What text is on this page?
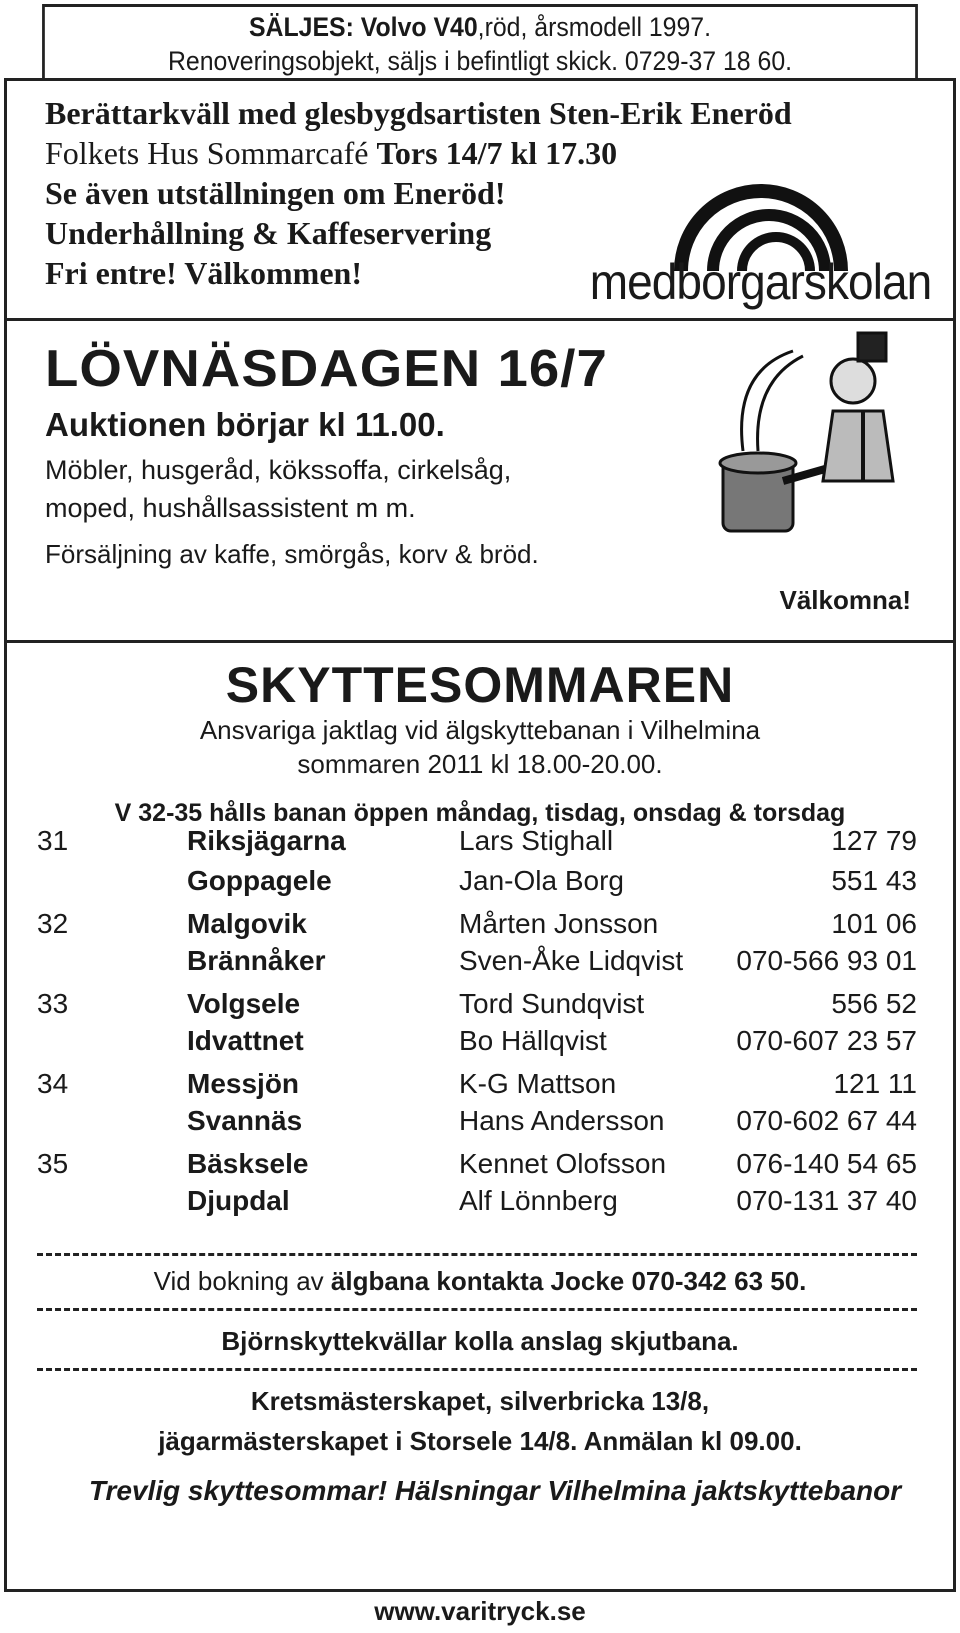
SÄLJES: Volvo V40,röd, årsmodell 1997.
Renoveringsobjekt, säljs i befintligt skick. 0729-37 18 60.
Berättarkväll med glesbygdsartisten Sten-Erik Eneröd
Folkets Hus Sommarcafé Tors 14/7 kl 17.30
Se även utställningen om Eneröd!
Underhållning & Kaffeservering
Fri entre! Välkommen!	medborgarskolan
LÖVNÄSDAGEN 16/7
Auktionen börjar kl 11.00.
Möbler, husgeråd, kökssoffa, cirkelsåg,
moped, hushållsassistent m m.
Försäljning av kaffe, smörgås, korv & bröd.
Välkomna!
SKYTTESOMMAREN
Ansvariga jaktlag vid älgskyttebanan i Vilhelmina
sommaren 2011 kl 18.00-20.00.
V 32-35 hålls banan öppen måndag, tisdag, onsdag & torsdag
31	Riksjägarna	Lars Stighall	127 79
	Goppagele	Jan-Ola Borg	551 43
32	Malgovik	Mårten Jonsson	101 06
	Brännåker	Sven-Åke Lidqvist	070-566 93 01
33	Volgsele	Tord Sundqvist	556 52
	Idvattnet	Bo Hällqvist	070-607 23 57
34	Messjön	K-G Mattson	121 11
	Svannäs	Hans Andersson	070-602 67 44
35	Bäsksele	Kennet Olofsson	076-140 54 65
	Djupdal	Alf Lönnberg	070-131 37 40
Vid bokning av älgbana kontakta Jocke 070-342 63 50.
Björnskyttekvällar kolla anslag skjutbana.
Kretsmästerskapet, silverbricka 13/8,
jägarmästerskapet i Storsele 14/8. Anmälan kl 09.00.
Trevlig skyttesommar! Hälsningar Vilhelmina jaktskyttebanor
www.varitryck.se
